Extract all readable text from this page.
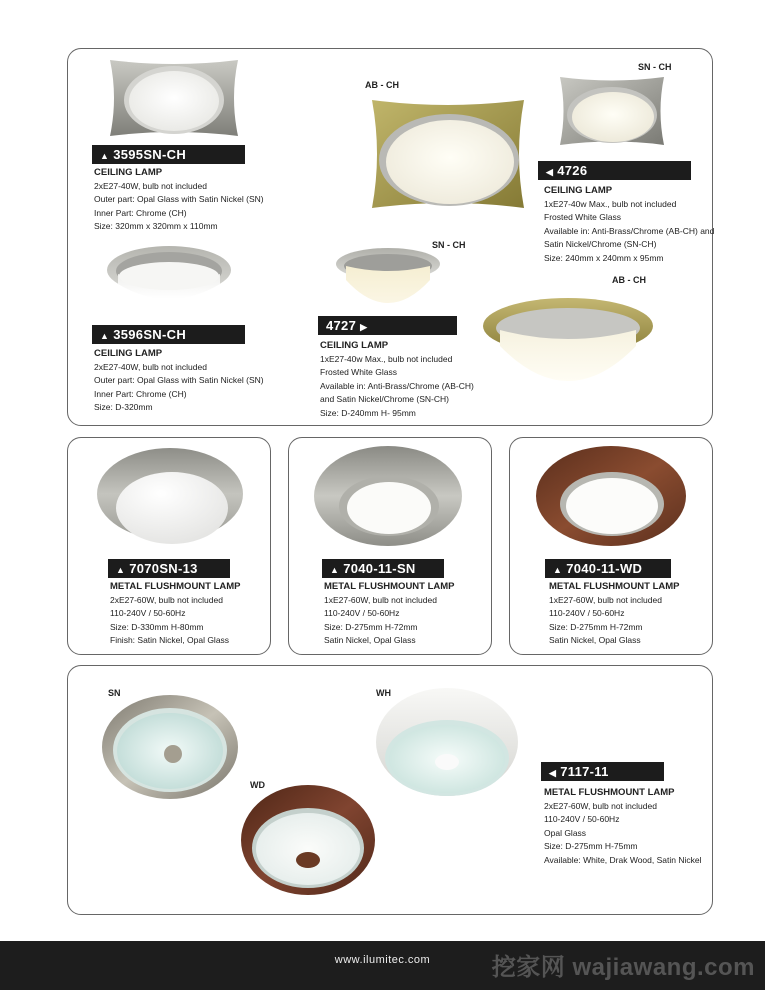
▲ 3595SN-CH
CEILING LAMP
2xE27-40W, bulb not included
Outer part: Opal Glass with Satin Nickel (SN)
Inner Part: Chrome (CH)
Size: 320mm x 320mm x 110mm
▲ 3596SN-CH
CEILING LAMP
2xE27-40W, bulb not included
Outer part: Opal Glass with Satin Nickel (SN)
Inner Part: Chrome (CH)
Size: D-320mm
AB - CH
SN - CH
◀ 4726
CEILING LAMP
1xE27-40w Max., bulb not included
Frosted White Glass
Available in: Anti-Brass/Chrome (AB-CH) and
Satin Nickel/Chrome (SN-CH)
Size: 240mm x 240mm x 95mm
SN - CH
4727 ▶
CEILING LAMP
1xE27-40w Max., bulb not included
Frosted White Glass
Available in: Anti-Brass/Chrome (AB-CH)
and Satin Nickel/Chrome (SN-CH)
Size: D-240mm H- 95mm
AB - CH
▲ 7070SN-13
METAL FLUSHMOUNT LAMP
2xE27-60W, bulb not included
110-240V / 50-60Hz
Size: D-330mm H-80mm
Finish: Satin Nickel, Opal Glass
▲ 7040-11-SN
METAL FLUSHMOUNT LAMP
1xE27-60W, bulb not included
110-240V / 50-60Hz
Size: D-275mm H-72mm
Satin Nickel, Opal Glass
▲ 7040-11-WD
METAL FLUSHMOUNT LAMP
1xE27-60W, bulb not included
110-240V / 50-60Hz
Size: D-275mm H-72mm
Satin Nickel, Opal Glass
SN	WH
WD
◀ 7117-11
METAL FLUSHMOUNT LAMP
2xE27-60W, bulb not included
110-240V / 50-60Hz
Opal Glass
Size: D-275mm H-75mm
Available: White, Drak Wood, Satin Nickel
www.ilumitec.com	挖家网 wajiawang.com
